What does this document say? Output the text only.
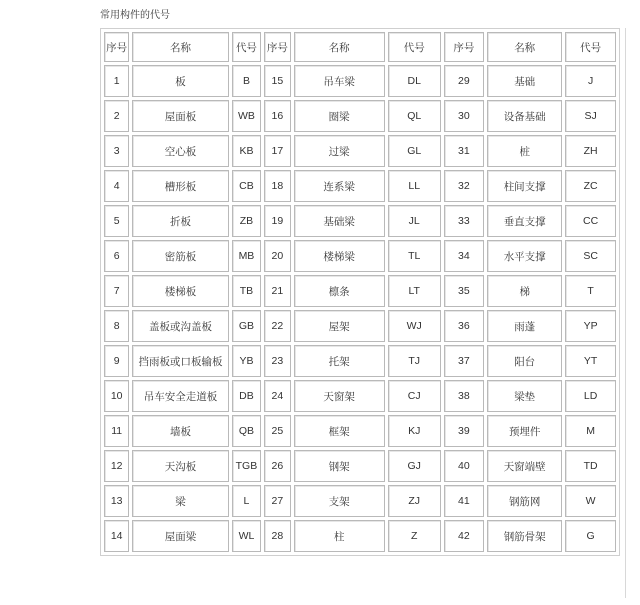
常用构件的代号
序号	名称	代号	序号	名称	代号	序号	名称	代号
1	板	B	15	吊车梁	DL	29	基础	J
2	屋面板	WB	16	圈梁	QL	30	设备基础	SJ
3	空心板	KB	17	过梁	GL	31	桩	ZH
4	槽形板	CB	18	连系梁	LL	32	柱间支撑	ZC
5	折板	ZB	19	基础梁	JL	33	垂直支撑	CC
6	密筋板	MB	20	楼梯梁	TL	34	水平支撑	SC
7	楼梯板	TB	21	檩条	LT	35	梯	T
8	盖板或沟盖板	GB	22	屋架	WJ	36	雨蓬	YP
9	挡雨板或口板输板	YB	23	托架	TJ	37	阳台	YT
10	吊车安全走道板	DB	24	天窗架	CJ	38	梁垫	LD
11	墙板	QB	25	框架	KJ	39	预埋件	M
12	天沟板	TGB	26	钢架	GJ	40	天窗端壁	TD
13	梁	L	27	支架	ZJ	41	钢筋网	W
14	屋面梁	WL	28	柱	Z	42	钢筋骨架	G
